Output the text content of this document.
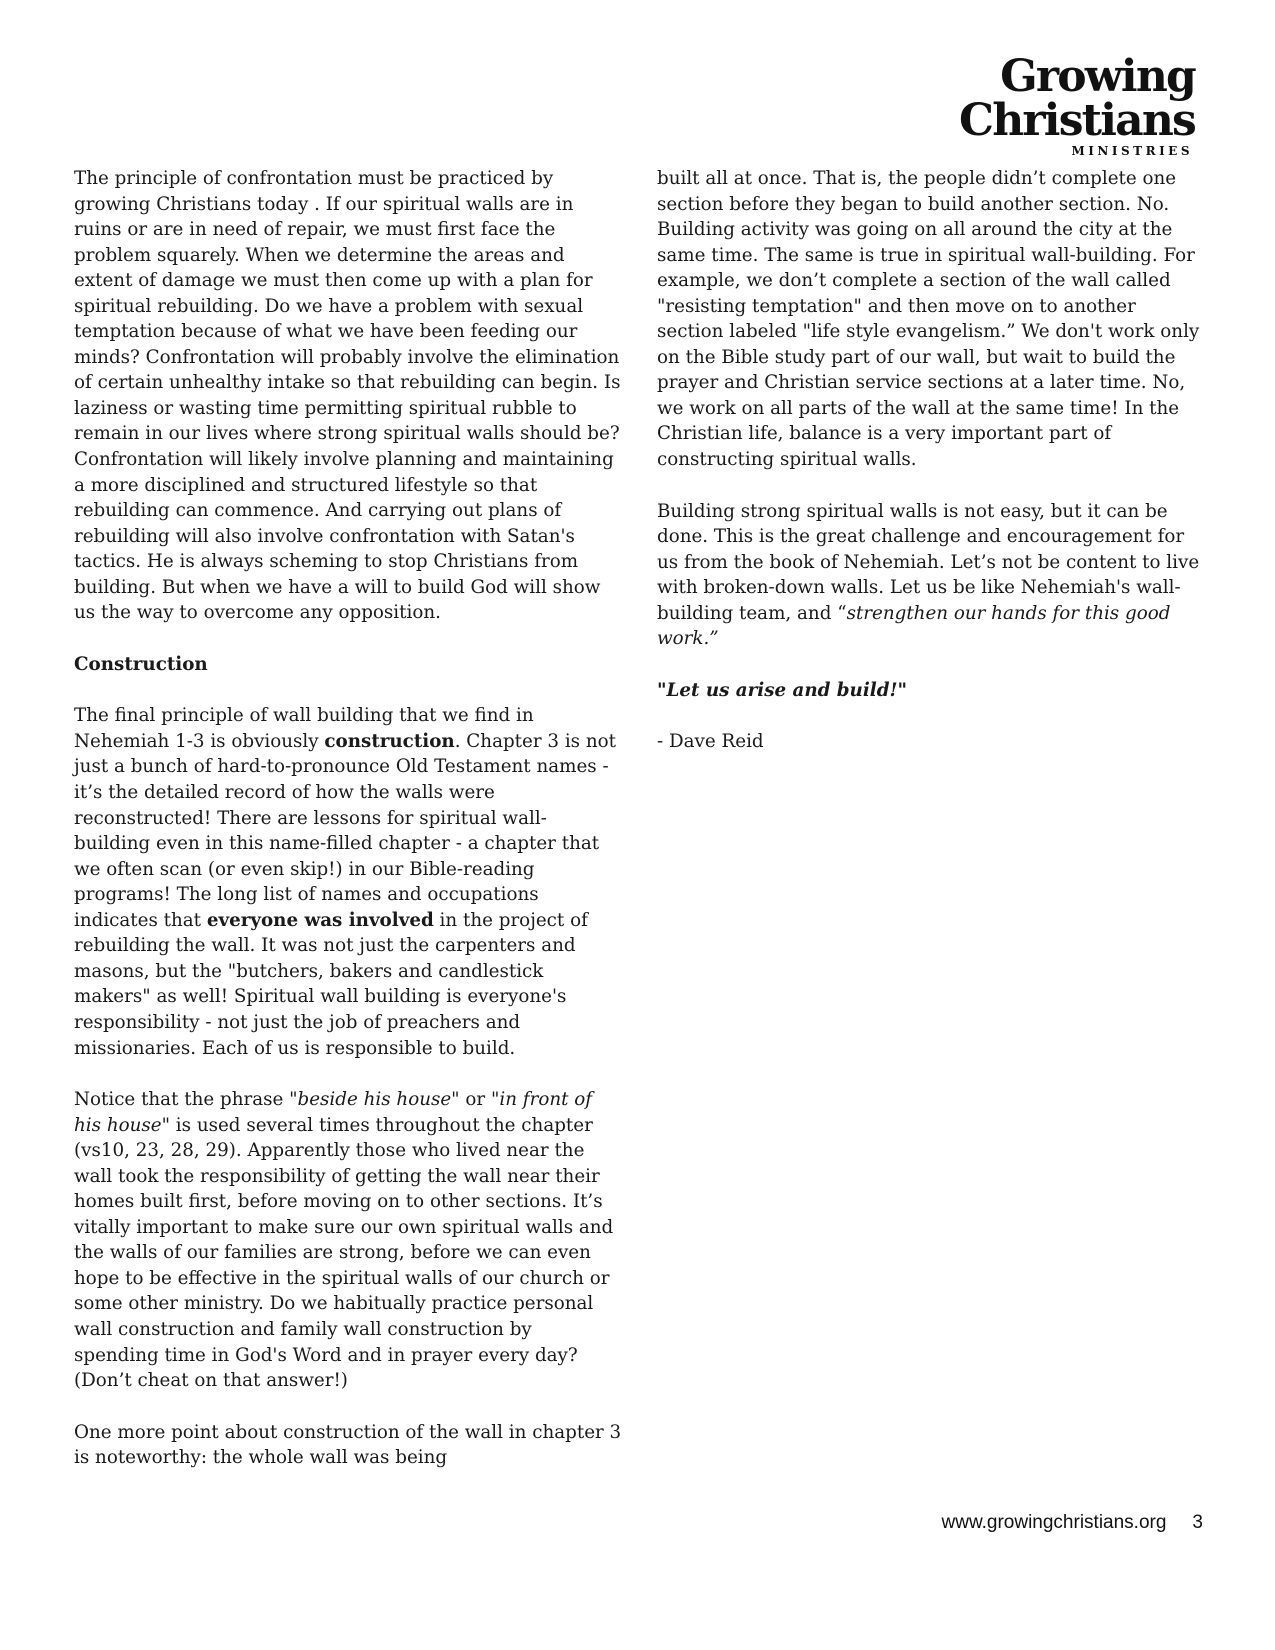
Growing Christians
MINISTRIES

The principle of confrontation must be practiced by growing Christians today . If our spiritual walls are in ruins or are in need of repair, we must first face the problem squarely. When we determine the areas and extent of damage we must then come up with a plan for spiritual rebuilding. Do we have a problem with sexual temptation because of what we have been feeding our minds? Confrontation will probably involve the elimination of certain unhealthy intake so that rebuilding can begin. Is laziness or wasting time permitting spiritual rubble to remain in our lives where strong spiritual walls should be? Confrontation will likely involve planning and maintaining a more disciplined and structured lifestyle so that rebuilding can commence. And carrying out plans of rebuilding will also involve confrontation with Satan's tactics. He is always scheming to stop Christians from building. But when we have a will to build God will show us the way to overcome any opposition.

Construction

The final principle of wall building that we find in Nehemiah 1-3 is obviously construction. Chapter 3 is not just a bunch of hard-to-pronounce Old Testament names - it’s the detailed record of how the walls were reconstructed! There are lessons for spiritual wall-building even in this name-filled chapter - a chapter that we often scan (or even skip!) in our Bible-reading programs! The long list of names and occupations indicates that everyone was involved in the project of rebuilding the wall. It was not just the carpenters and masons, but the "butchers, bakers and candlestick makers" as well! Spiritual wall building is everyone's responsibility - not just the job of preachers and missionaries. Each of us is responsible to build.

Notice that the phrase "beside his house" or "in front of his house" is used several times throughout the chapter (vs10, 23, 28, 29). Apparently those who lived near the wall took the responsibility of getting the wall near their homes built first, before moving on to other sections. It’s vitally important to make sure our own spiritual walls and the walls of our families are strong, before we can even hope to be effective in the spiritual walls of our church or some other ministry. Do we habitually practice personal wall construction and family wall construction by spending time in God's Word and in prayer every day? (Don’t cheat on that answer!)

One more point about construction of the wall in chapter 3 is noteworthy: the whole wall was being

built all at once. That is, the people didn’t complete one section before they began to build another section. No. Building activity was going on all around the city at the same time. The same is true in spiritual wall-building. For example, we don’t complete a section of the wall called "resisting temptation" and then move on to another section labeled "life style evangelism.” We don't work only on the Bible study part of our wall, but wait to build the prayer and Christian service sections at a later time. No, we work on all parts of the wall at the same time! In the Christian life, balance is a very important part of constructing spiritual walls.

Building strong spiritual walls is not easy, but it can be done. This is the great challenge and encouragement for us from the book of Nehemiah. Let’s not be content to live with broken-down walls. Let us be like Nehemiah's wall-building team, and “strengthen our hands for this good work.”

"Let us arise and build!"

- Dave Reid

www.growingchristians.org 3
